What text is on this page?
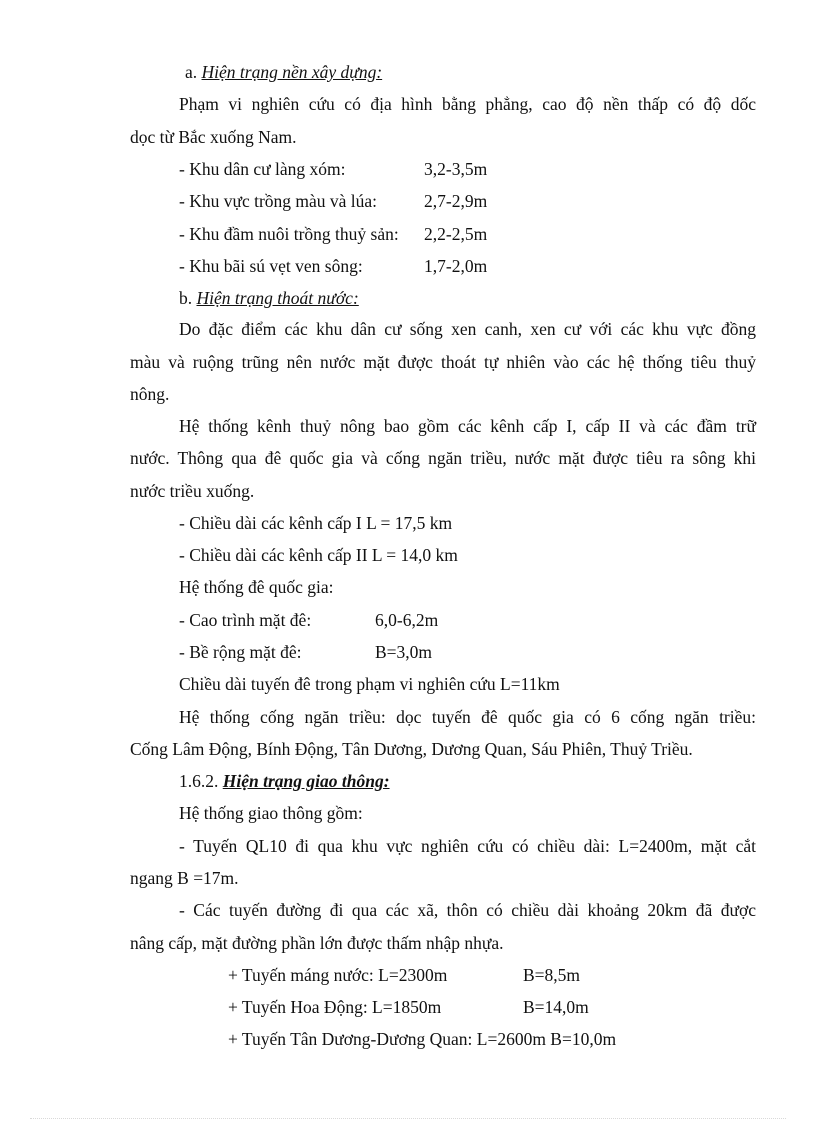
a. Hiện trạng nền xây dựng:
Phạm vi nghiên cứu có địa hình bằng phẳng, cao độ nền thấp có độ dốc
dọc từ Bắc xuống Nam.
- Khu dân cư làng xóm:	3,2-3,5m
- Khu vực trồng màu và lúa:	2,7-2,9m
- Khu đầm nuôi trồng thuỷ sản: 2,2-2,5m
- Khu bãi sú vẹt ven sông:	1,7-2,0m
b. Hiện trạng thoát nước:
Do đặc điểm các khu dân cư sống xen canh, xen cư với các khu vực đồng
màu và ruộng trũng nên nước mặt được thoát tự nhiên vào các hệ thống tiêu thuỷ
nông.
Hệ thống kênh thuỷ nông bao gồm các kênh cấp I, cấp II và các đầm trữ
nước. Thông qua đê quốc gia và cống ngăn triều, nước mặt được tiêu ra sông khi
nước triều xuống.
- Chiều dài các kênh cấp I L = 17,5 km
- Chiều dài các kênh cấp II L = 14,0 km
Hệ thống đê quốc gia:
- Cao trình mặt đê:	6,0-6,2m
- Bề rộng mặt đê:	B=3,0m
Chiều dài tuyến đê trong phạm vi nghiên cứu L=11km
Hệ thống cống ngăn triều: dọc tuyến đê quốc gia có 6 cống ngăn triều:
Cống Lâm Động, Bính Động, Tân Dương, Dương Quan, Sáu Phiên, Thuỷ Triều.
1.6.2. Hiện trạng giao thông:
Hệ thống giao thông gồm:
- Tuyến QL10 đi qua khu vực nghiên cứu có chiều dài: L=2400m, mặt cắt
ngang B =17m.
- Các tuyến đường đi qua các xã, thôn có chiều dài khoảng 20km đã được
nâng cấp, mặt đường phần lớn được thấm nhập nhựa.
+ Tuyến máng nước: L=2300m	B=8,5m
+ Tuyến Hoa Động: L=1850m	B=14,0m
+ Tuyến Tân Dương-Dương Quan: L=2600m B=10,0m
